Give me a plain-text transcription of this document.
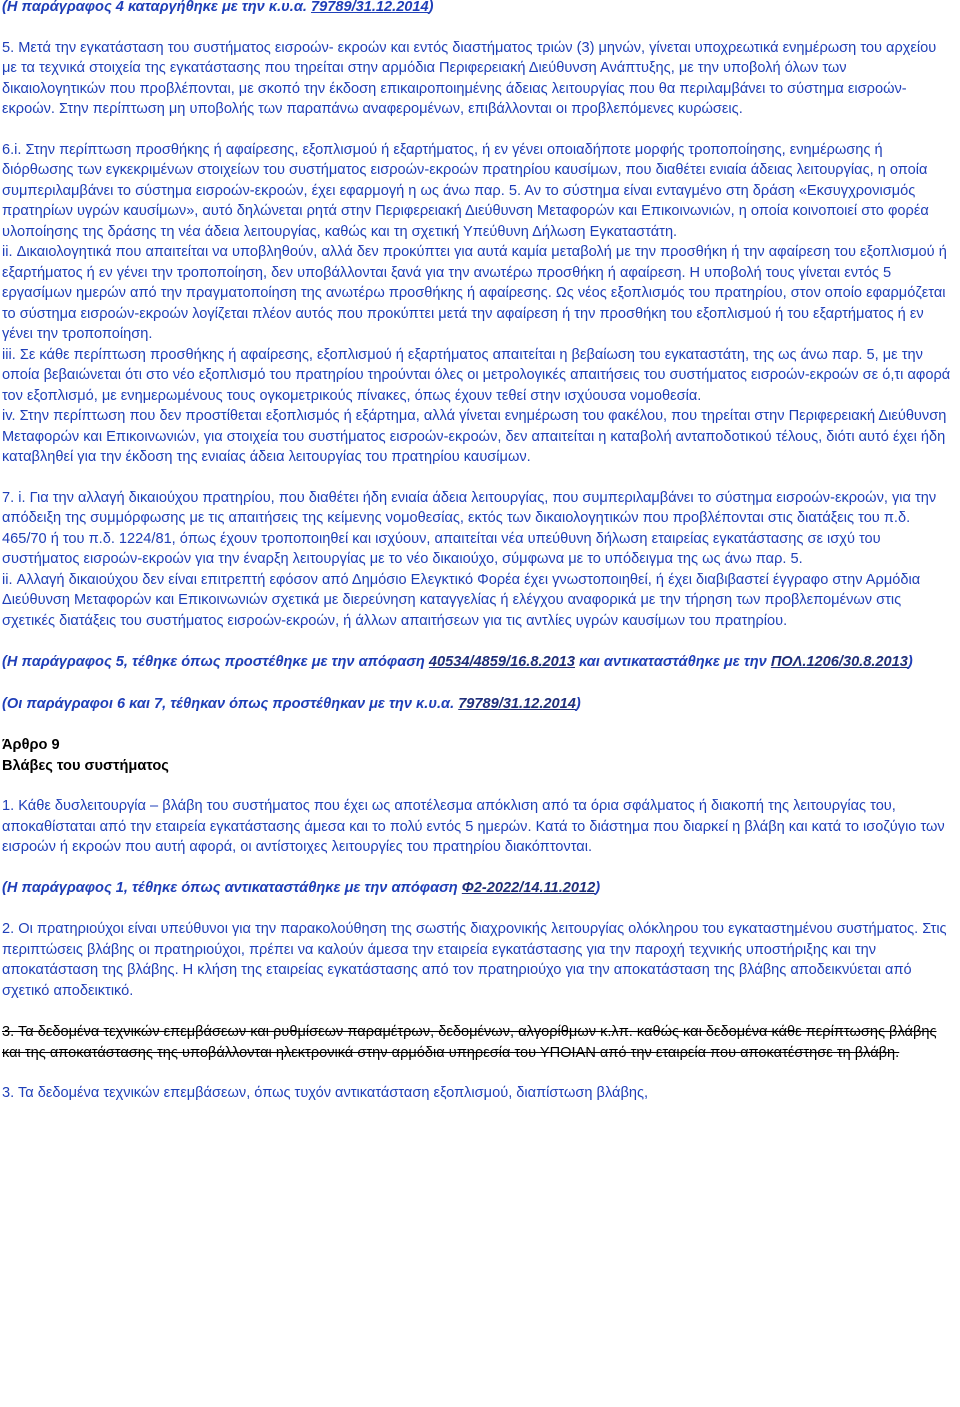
(Η παράγραφος 4 καταργήθηκε με την κ.υ.α. 79789/31.12.2014)

5. Μετά την εγκατάσταση του συστήματος εισροών- εκροών και εντός διαστήματος τριών (3) μηνών, γίνεται υποχρεωτικά ενημέρωση του αρχείου με τα τεχνικά στοιχεία της εγκατάστασης που τηρείται στην αρμόδια Περιφερειακή Διεύθυνση Ανάπτυξης, με την υποβολή όλων των δικαιολογητικών που προβλέπονται, με σκοπό την έκδοση επικαιροποιημένης άδειας λειτουργίας που θα περιλαμβάνει το σύστημα εισροών-εκροών. Στην περίπτωση μη υποβολής των παραπάνω αναφερομένων, επιβάλλονται οι προβλεπόμενες κυρώσεις.

6.i. Στην περίπτωση προσθήκης ή αφαίρεσης, εξοπλισμού ή εξαρτήματος, ή εν γένει οποιαδήποτε μορφής τροποποίησης, ενημέρωσης ή διόρθωσης των εγκεκριμένων στοιχείων του συστήματος εισροών-εκροών πρατηρίου καυσίμων, που διαθέτει ενιαία άδειας λειτουργίας, η οποία συμπεριλαμβάνει το σύστημα εισροών-εκροών, έχει εφαρμογή η ως άνω παρ. 5. Αν το σύστημα είναι ενταγμένο στη δράση «Εκσυγχρονισμός πρατηρίων υγρών καυσίμων», αυτό δηλώνεται ρητά στην Περιφερειακή Διεύθυνση Μεταφορών και Επικοινωνιών, η οποία κοινοποιεί στο φορέα υλοποίησης της δράσης τη νέα άδεια λειτουργίας, καθώς και τη σχετική Υπεύθυνη Δήλωση Εγκαταστάτη.

ii. Δικαιολογητικά που απαιτείται να υποβληθούν, αλλά δεν προκύπτει για αυτά καμία μεταβολή με την προσθήκη ή την αφαίρεση του εξοπλισμού ή εξαρτήματος ή εν γένει την τροποποίηση, δεν υποβάλλονται ξανά για την ανωτέρω προσθήκη ή αφαίρεση. Η υποβολή τους γίνεται εντός 5 εργασίμων ημερών από την πραγματοποίηση της ανωτέρω προσθήκης ή αφαίρεσης. Ως νέος εξοπλισμός του πρατηρίου, στον οποίο εφαρμόζεται το σύστημα εισροών-εκροών λογίζεται πλέον αυτός που προκύπτει μετά την αφαίρεση ή την προσθήκη του εξοπλισμού ή του εξαρτήματος ή εν γένει την τροποποίηση.

iii. Σε κάθε περίπτωση προσθήκης ή αφαίρεσης, εξοπλισμού ή εξαρτήματος απαιτείται η βεβαίωση του εγκαταστάτη, της ως άνω παρ. 5, με την οποία βεβαιώνεται ότι στο νέο εξοπλισμό του πρατηρίου τηρούνται όλες οι μετρολογικές απαιτήσεις του συστήματος εισροών-εκροών σε ό,τι αφορά τον εξοπλισμό, με ενημερωμένους τους ογκομετρικούς πίνακες, όπως έχουν τεθεί στην ισχύουσα νομοθεσία.

iv. Στην περίπτωση που δεν προστίθεται εξοπλισμός ή εξάρτημα, αλλά γίνεται ενημέρωση του φακέλου, που τηρείται στην Περιφερειακή Διεύθυνση Μεταφορών και Επικοινωνιών, για στοιχεία του συστήματος εισροών-εκροών, δεν απαιτείται η καταβολή ανταποδοτικού τέλους, διότι αυτό έχει ήδη καταβληθεί για την έκδοση της ενιαίας άδεια λειτουργίας του πρατηρίου καυσίμων.

7. i. Για την αλλαγή δικαιούχου πρατηρίου, που διαθέτει ήδη ενιαία άδεια λειτουργίας, που συμπεριλαμβάνει το σύστημα εισροών-εκροών, για την απόδειξη της συμμόρφωσης με τις απαιτήσεις της κείμενης νομοθεσίας, εκτός των δικαιολογητικών που προβλέπονται στις διατάξεις του π.δ. 465/70 ή του π.δ. 1224/81, όπως έχουν τροποποιηθεί και ισχύουν, απαιτείται νέα υπεύθυνη δήλωση εταιρείας εγκατάστασης σε ισχύ του συστήματος εισροών-εκροών για την έναρξη λειτουργίας με το νέο δικαιούχο, σύμφωνα με το υπόδειγμα της ως άνω παρ. 5.

ii. Αλλαγή δικαιούχου δεν είναι επιτρεπτή εφόσον από Δημόσιο Ελεγκτικό Φορέα έχει γνωστοποιηθεί, ή έχει διαβιβαστεί έγγραφο στην Αρμόδια Διεύθυνση Μεταφορών και Επικοινωνιών σχετικά με διερεύνηση καταγγελίας ή ελέγχου αναφορικά με την τήρηση των προβλεπομένων στις σχετικές διατάξεις του συστήματος εισροών-εκροών, ή άλλων απαιτήσεων για τις αντλίες υγρών καυσίμων του πρατηρίου.

(Η παράγραφος 5, τέθηκε όπως προστέθηκε με την απόφαση 40534/4859/16.8.2013 και αντικαταστάθηκε με την ΠΟΛ.1206/30.8.2013)

(Οι παράγραφοι 6 και 7, τέθηκαν όπως προστέθηκαν με την κ.υ.α. 79789/31.12.2014)

Άρθρο 9

Βλάβες του συστήματος

1. Κάθε δυσλειτουργία – βλάβη του συστήματος που έχει ως αποτέλεσμα απόκλιση από τα όρια σφάλματος ή διακοπή της λειτουργίας του, αποκαθίσταται από την εταιρεία εγκατάστασης άμεσα και το πολύ εντός 5 ημερών. Κατά το διάστημα που διαρκεί η βλάβη και κατά το ισοζύγιο των εισροών ή εκροών που αυτή αφορά, οι αντίστοιχες λειτουργίες του πρατηρίου διακόπτονται.

(Η παράγραφος 1, τέθηκε όπως αντικαταστάθηκε με την απόφαση Φ2-2022/14.11.2012)

2. Οι πρατηριούχοι είναι υπεύθυνοι για την παρακολούθηση της σωστής διαχρονικής λειτουργίας ολόκληρου του εγκαταστημένου συστήματος. Στις περιπτώσεις βλάβης οι πρατηριούχοι, πρέπει να καλούν άμεσα την εταιρεία εγκατάστασης για την παροχή τεχνικής υποστήριξης και την αποκατάσταση της βλάβης. Η κλήση της εταιρείας εγκατάστασης από τον πρατηριούχο για την αποκατάσταση της βλάβης αποδεικνύεται από σχετικό αποδεικτικό.

3. Τα δεδομένα τεχνικών επεμβάσεων και ρυθμίσεων παραμέτρων, δεδομένων, αλγορίθμων κ.λπ. καθώς και δεδομένα κάθε περίπτωσης βλάβης και της αποκατάστασης της υποβάλλονται ηλεκτρονικά στην αρμόδια υπηρεσία του ΥΠΟΙΑΝ από την εταιρεία που αποκατέστησε τη βλάβη.

3. Τα δεδομένα τεχνικών επεμβάσεων, όπως τυχόν αντικατάσταση εξοπλισμού, διαπίστωση βλάβης,
